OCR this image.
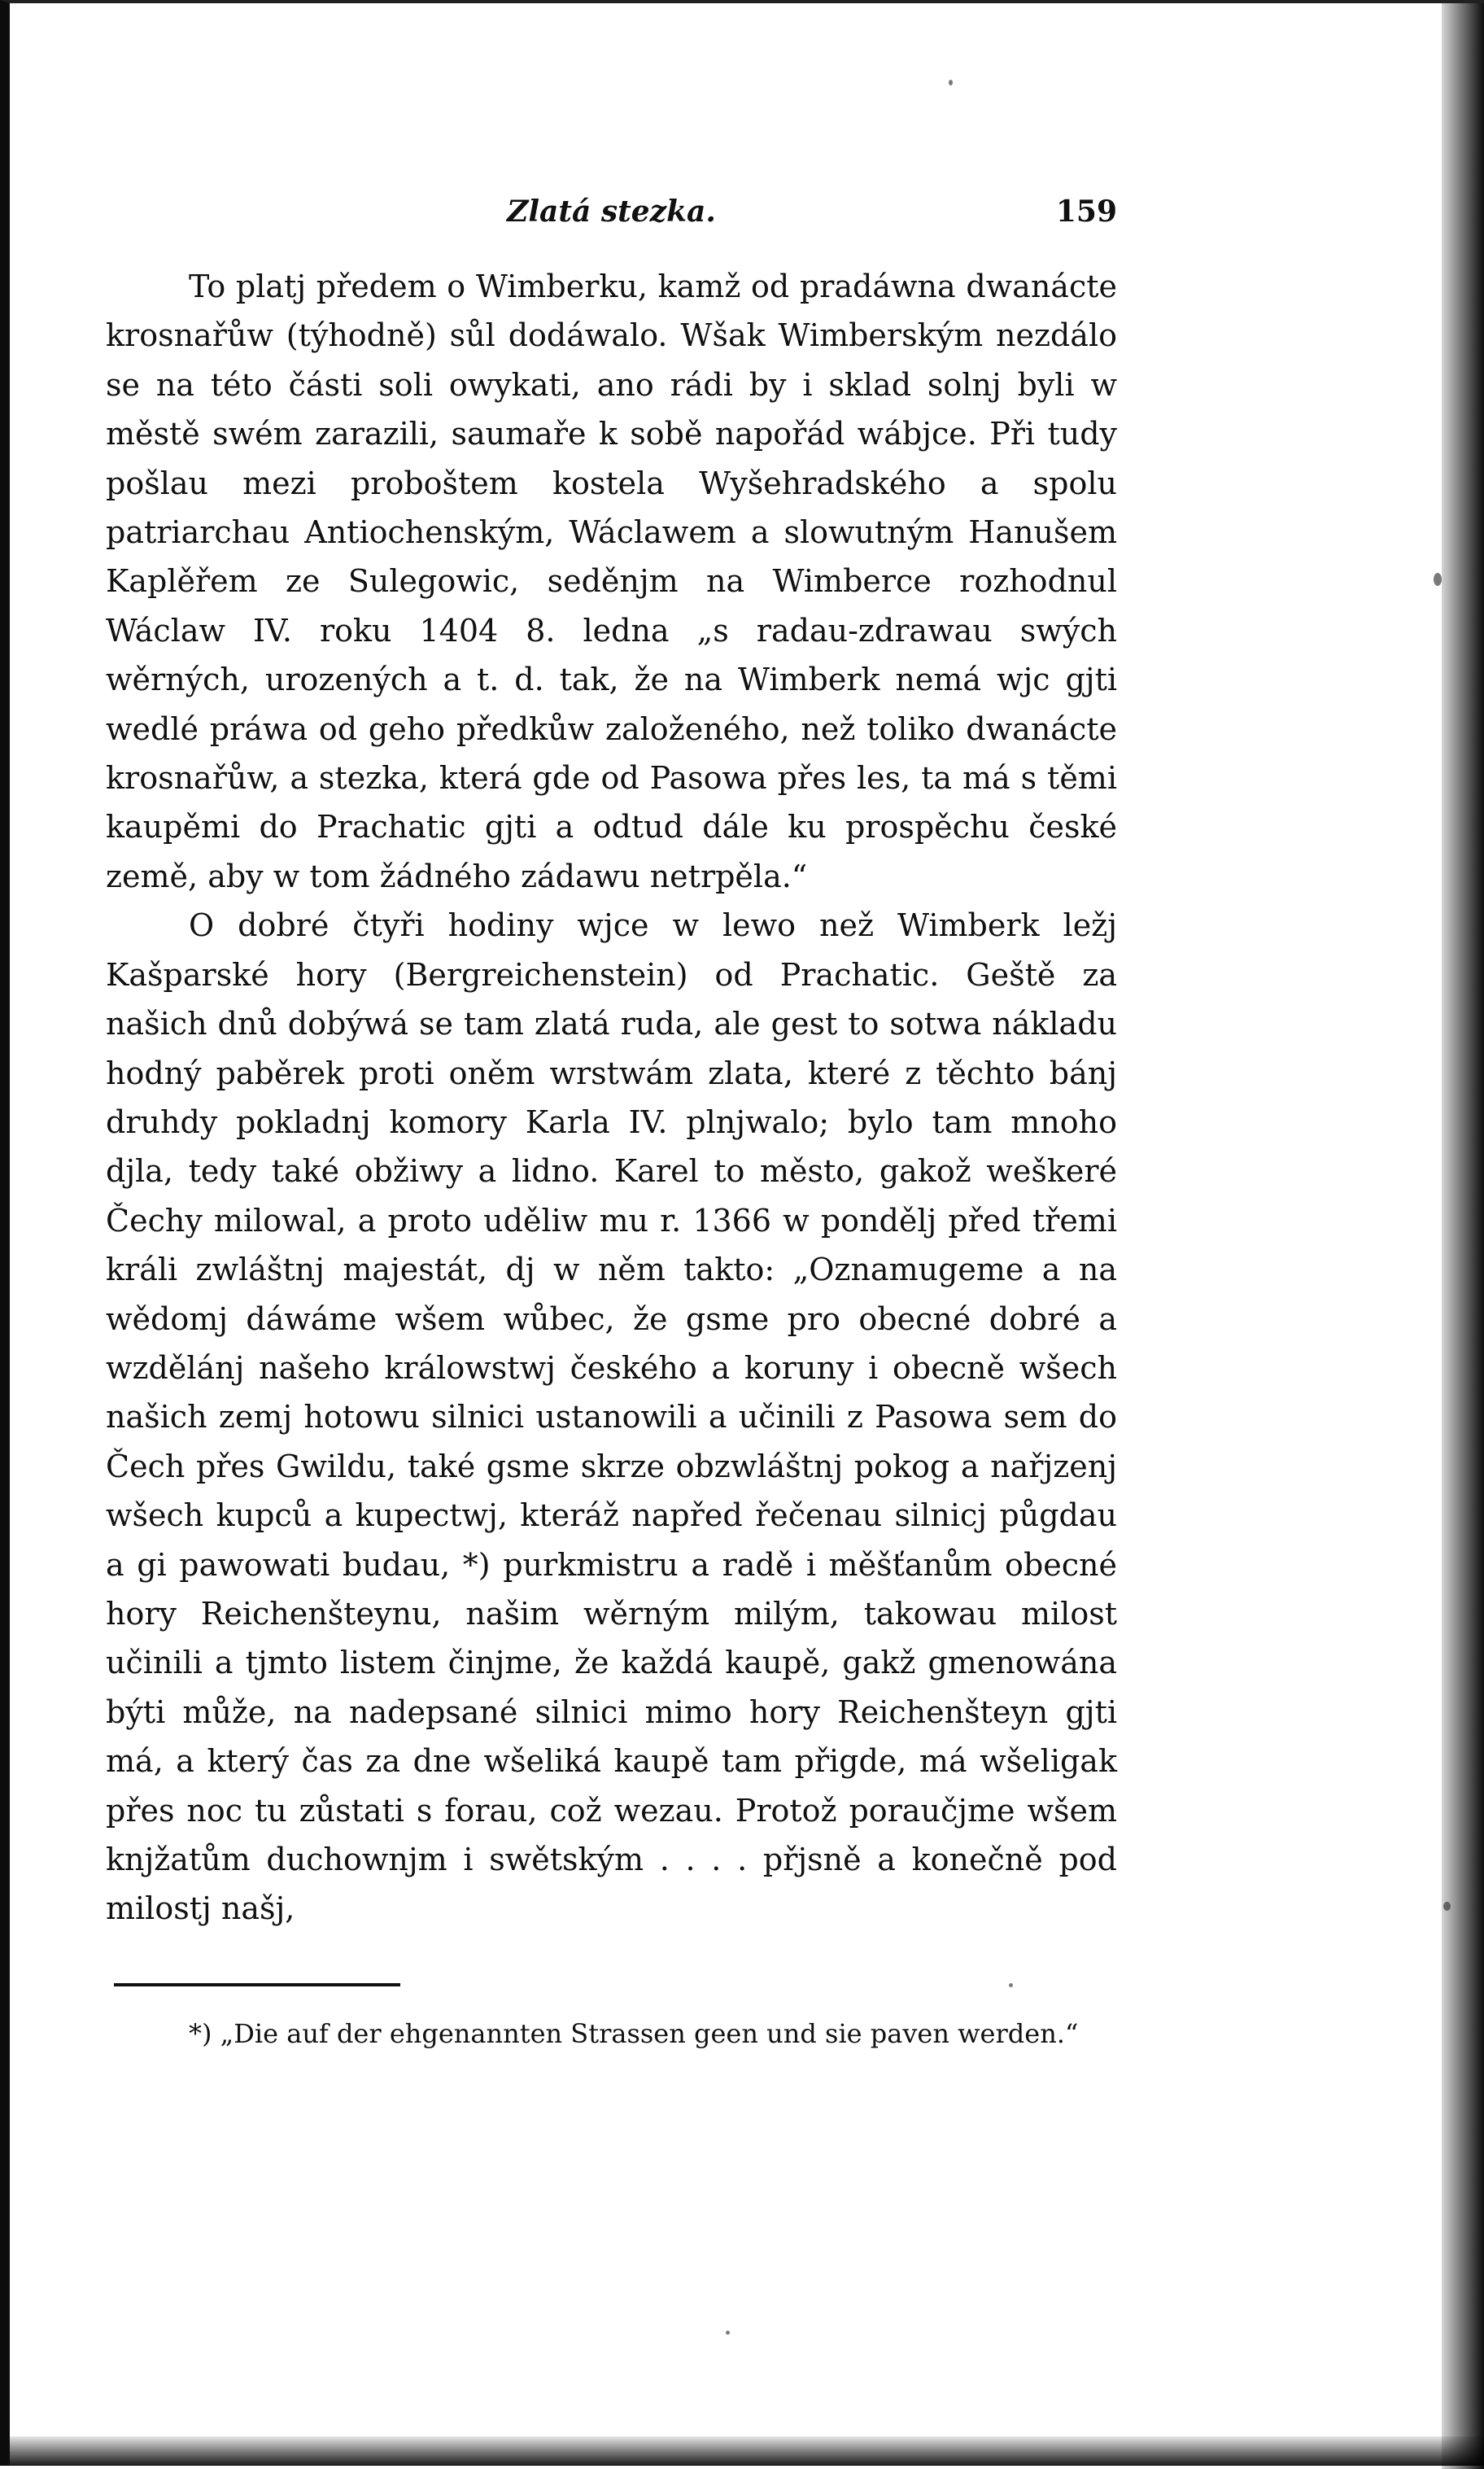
Zlatá stezka.	159

To platj předem o Wimberku, kamž od pradáwna dwanácte krosnařůw (týhodně) sůl dodáwalo. Wšak Wimberským nezdálo se na této části soli owykati, ano rádi by i sklad solnj byli w městě swém zarazili, saumaře k sobě napořád wábjce. Při tudy pošlau mezi proboštem kostela Wyšehradského a spolu patriarchau Antiochenským, Wáclawem a slowutným Hanušem Kaplěřem ze Sulegowic, seděnjm na Wimberce rozhodnul Wáclaw IV. roku 1404 8. ledna „s radau-zdrawau swých wěrných, urozených a t. d. tak, že na Wimberk nemá wjc gjti wedlé práwa od geho předkůw založeného, než toliko dwanácte krosnařůw, a stezka, která gde od Pasowa přes les, ta má s těmi kaupěmi do Prachatic gjti a odtud dále ku prospěchu české země, aby w tom žádného zádawu netrpěla.“

O dobré čtyři hodiny wjce w lewo než Wimberk ležj Kašparské hory (Bergreichenstein) od Prachatic. Geště za našich dnů dobýwá se tam zlatá ruda, ale gest to sotwa nákladu hodný paběrek proti oněm wrstwám zlata, které z těchto bánj druhdy pokladnj komory Karla IV. plnjwalo; bylo tam mnoho djla, tedy také obžiwy a lidno. Karel to město, gakož weškeré Čechy milowal, a proto uděliw mu r. 1366 w pondělj před třemi králi zwláštnj majestát, dj w něm takto: „Oznamugeme a na wědomj dáwáme wšem wůbec, že gsme pro obecné dobré a wzdělánj našeho králowstwj českého a koruny i obecně wšech našich zemj hotowu silnici ustanowili a učinili z Pasowa sem do Čech přes Gwildu, také gsme skrze obzwláštnj pokog a nařjzenj wšech kupců a kupectwj, kteráž napřed řečenau silnicj půgdau a gi pawowati budau, *) purkmistru a radě i měšťanům obecné hory Reichenšteynu, našim wěrným milým, takowau milost učinili a tjmto listem činjme, že každá kaupě, gakž gmenowána býti může, na nadepsané silnici mimo hory Reichenšteyn gjti má, a který čas za dne wšeliká kaupě tam přigde, má wšeligak přes noc tu zůstati s forau, což wezau. Protož poraučjme wšem knjžatům duchownjm i swětským . . . . přjsně a konečně pod milostj našj,

*) „Die auf der ehgenannten Strassen geen und sie paven werden.“
